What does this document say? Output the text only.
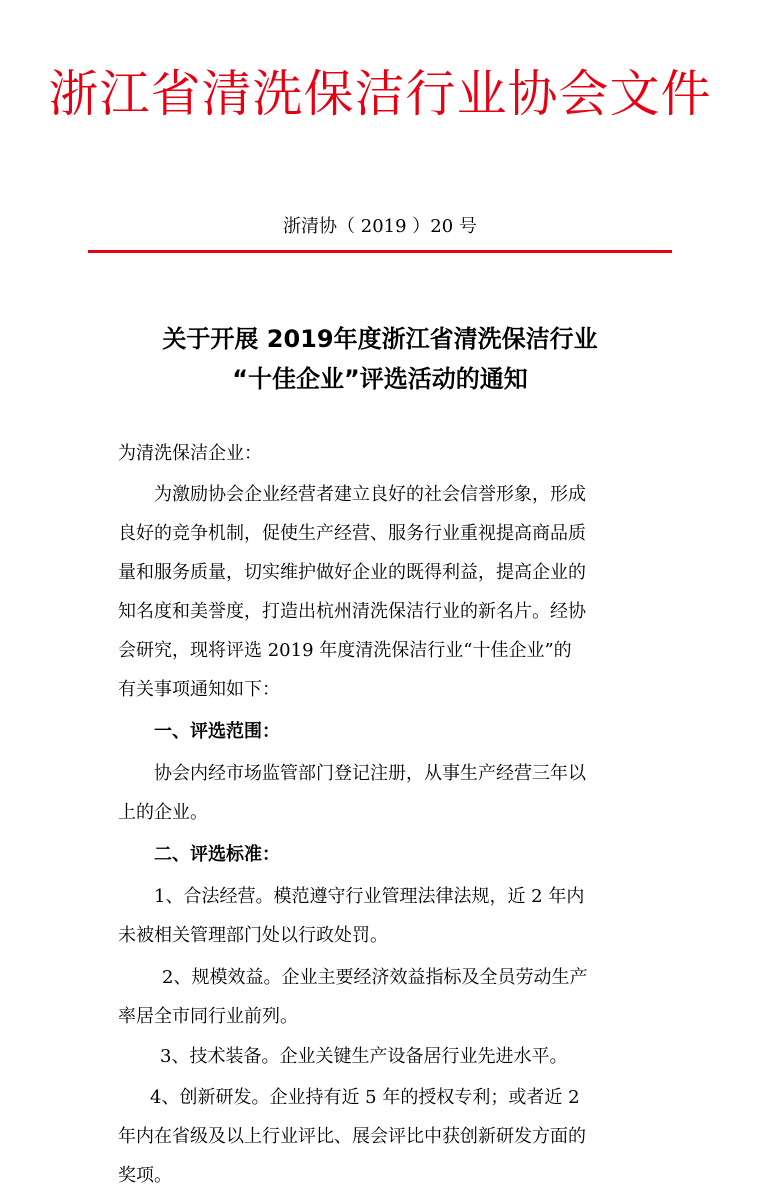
浙江省清洗保洁行业协会文件
浙清协（ 2019 ）20 号
关于开展 2019年度浙江省清洗保洁行业
“十佳企业”评选活动的通知
为清洗保洁企业：
为激励协会企业经营者建立良好的社会信誉形象，形成
良好的竞争机制，促使生产经营、服务行业重视提高商品质
量和服务质量，切实维护做好企业的既得利益，提高企业的
知名度和美誉度，打造出杭州清洗保洁行业的新名片。经协
会研究，现将评选 2019 年度清洗保洁行业“十佳企业”的
有关事项通知如下：
一、评选范围：
协会内经市场监管部门登记注册，从事生产经营三年以
上的企业。
二、评选标准：
1、合法经营。模范遵守行业管理法律法规，近 2 年内
未被相关管理部门处以行政处罚。
2、规模效益。企业主要经济效益指标及全员劳动生产
率居全市同行业前列。
3、技术装备。企业关键生产设备居行业先进水平。
4、创新研发。企业持有近 5 年的授权专利；或者近 2
年内在省级及以上行业评比、展会评比中获创新研发方面的
奖项。
